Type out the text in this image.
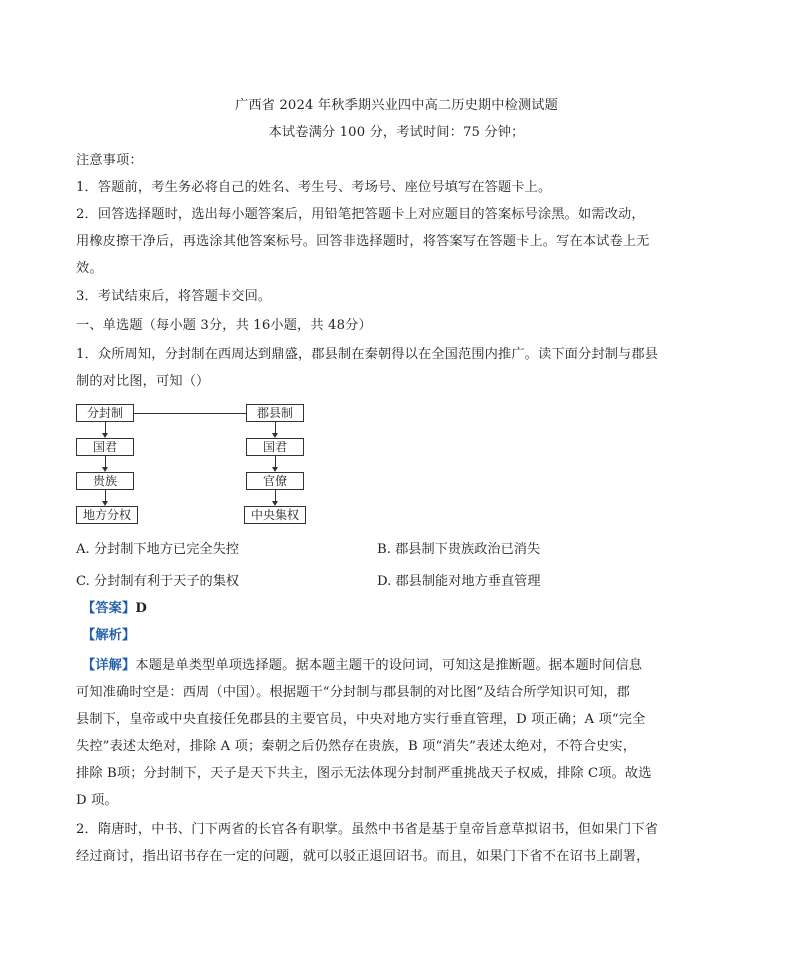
广西省 2024 年秋季期兴业四中高二历史期中检测试题
本试卷满分 100 分，考试时间：75 分钟；
注意事项：
1．答题前，考生务必将自己的姓名、考生号、考场号、座位号填写在答题卡上。
2．回答选择题时，选出每小题答案后，用铅笔把答题卡上对应题目的答案标号涂黑。如需改动，
用橡皮擦干净后，再选涂其他答案标号。回答非选择题时，将答案写在答题卡上。写在本试卷上无
效。
3．考试结束后，将答题卡交回。
一、单选题（每小题 3分，共 16小题，共 48分）
1．众所周知，分封制在西周达到鼎盛，郡县制在秦朝得以在全国范围内推广。读下面分封制与郡县
制的对比图，可知（）
分封制
国君
贵族
地方分权
郡县制
国君
官僚
中央集权
A. 分封制下地方已完全失控	B. 郡县制下贵族政治已消失
C. 分封制有利于天子的集权	D. 郡县制能对地方垂直管理
【答案】D
【解析】
【详解】本题是单类型单项选择题。据本题主题干的设问词，可知这是推断题。据本题时间信息
可知准确时空是：西周（中国）。根据题干“分封制与郡县制的对比图”及结合所学知识可知，郡
县制下，皇帝或中央直接任免郡县的主要官员，中央对地方实行垂直管理，D 项正确；A 项“完全
失控”表述太绝对，排除 A 项；秦朝之后仍然存在贵族，B 项“消失”表述太绝对，不符合史实，
排除 B项；分封制下，天子是天下共主，图示无法体现分封制严重挑战天子权威，排除 C项。故选
D 项。
2．隋唐时，中书、门下两省的长官各有职掌。虽然中书省是基于皇帝旨意草拟诏书，但如果门下省
经过商讨，指出诏书存在一定的问题，就可以驳正退回诏书。而且，如果门下省不在诏书上副署，
